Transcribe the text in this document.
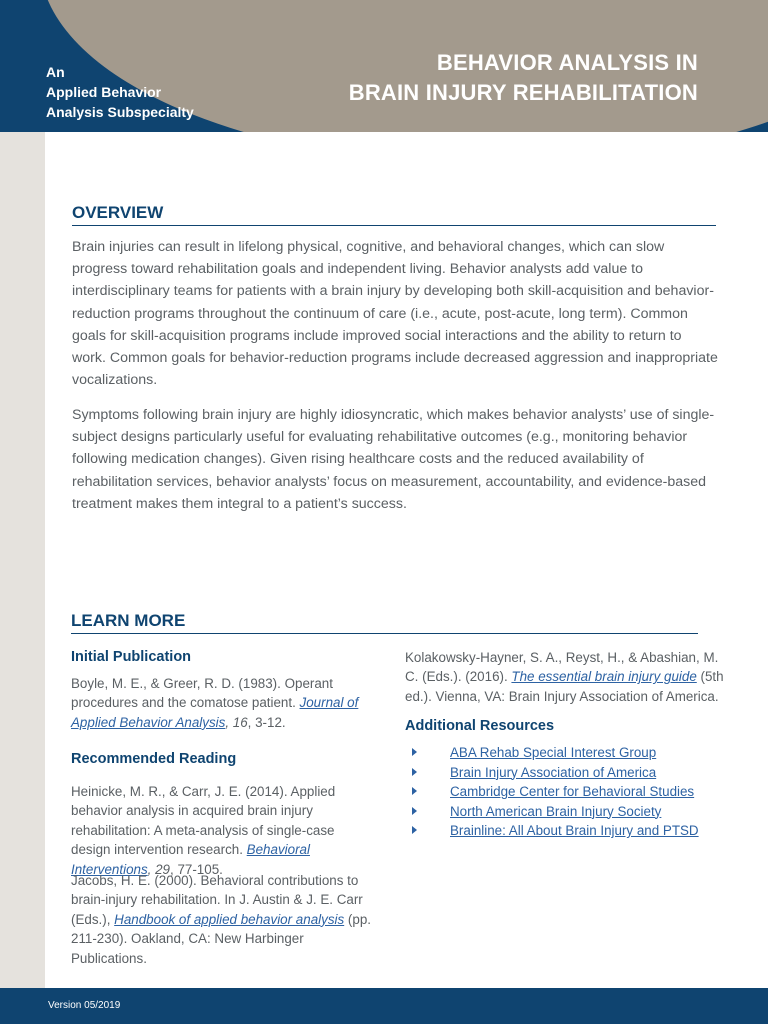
An
Applied Behavior
Analysis Subspecialty
BEHAVIOR ANALYSIS IN
BRAIN INJURY REHABILITATION
OVERVIEW
Brain injuries can result in lifelong physical, cognitive, and behavioral changes, which can slow progress toward rehabilitation goals and independent living. Behavior analysts add value to interdisciplinary teams for patients with a brain injury by developing both skill-acquisition and behavior-reduction programs throughout the continuum of care (i.e., acute, post-acute, long term). Common goals for skill-acquisition programs include improved social interactions and the ability to return to work. Common goals for behavior-reduction programs include decreased aggression and inappropriate vocalizations.
Symptoms following brain injury are highly idiosyncratic, which makes behavior analysts’ use of single-subject designs particularly useful for evaluating rehabilitative outcomes (e.g., monitoring behavior following medication changes). Given rising healthcare costs and the reduced availability of rehabilitation services, behavior analysts’ focus on measurement, accountability, and evidence-based treatment makes them integral to a patient’s success.
LEARN MORE
Initial Publication
Boyle, M. E., & Greer, R. D. (1983). Operant procedures and the comatose patient. Journal of Applied Behavior Analysis, 16, 3-12.
Recommended Reading
Heinicke, M. R., & Carr, J. E. (2014). Applied behavior analysis in acquired brain injury rehabilitation: A meta-analysis of single-case design intervention research. Behavioral Interventions, 29, 77-105.
Jacobs, H. E. (2000). Behavioral contributions to brain-injury rehabilitation. In J. Austin & J. E. Carr (Eds.), Handbook of applied behavior analysis (pp. 211-230). Oakland, CA: New Harbinger Publications.
Kolakowsky-Hayner, S. A., Reyst, H., & Abashian, M. C. (Eds.). (2016). The essential brain injury guide (5th ed.). Vienna, VA: Brain Injury Association of America.
Additional Resources
ABA Rehab Special Interest Group
Brain Injury Association of America
Cambridge Center for Behavioral Studies
North American Brain Injury Society
Brainline: All About Brain Injury and PTSD
Version 05/2019
